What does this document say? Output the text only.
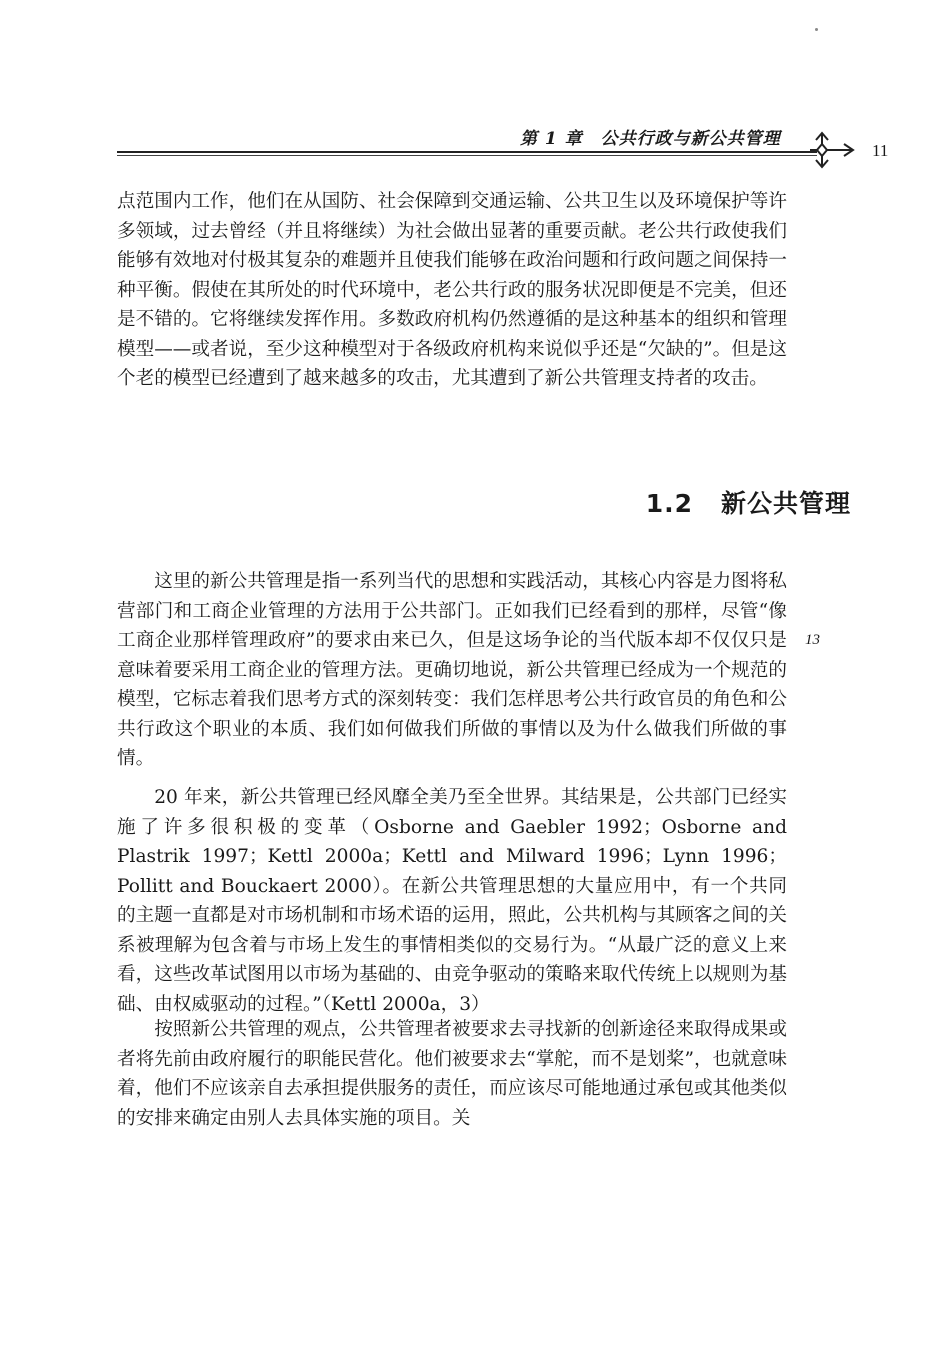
第 1 章　公共行政与新公共管理
11

点范围内工作，他们在从国防、社会保障到交通运输、公共卫生以及环境保护等许多领域，过去曾经（并且将继续）为社会做出显著的重要贡献。老公共行政使我们能够有效地对付极其复杂的难题并且使我们能够在政治问题和行政问题之间保持一种平衡。假使在其所处的时代环境中，老公共行政的服务状况即便是不完美，但还是不错的。它将继续发挥作用。多数政府机构仍然遵循的是这种基本的组织和管理模型——或者说，至少这种模型对于各级政府机构来说似乎还是“欠缺的”。但是这个老的模型已经遭到了越来越多的攻击，尤其遭到了新公共管理支持者的攻击。

1.2 新公共管理

这里的新公共管理是指一系列当代的思想和实践活动，其核心内容是力图将私营部门和工商企业管理的方法用于公共部门。正如我们已经看到的那样，尽管“像工商企业那样管理政府”的要求由来已久，但是这场争论的当代版本却不仅仅只是意味着要采用工商企业的管理方法。更确切地说，新公共管理已经成为一个规范的模型，它标志着我们思考方式的深刻转变：我们怎样思考公共行政官员的角色和公共行政这个职业的本质、我们如何做我们所做的事情以及为什么做我们所做的事情。

13

20 年来，新公共管理已经风靡全美乃至全世界。其结果是，公共部门已经实施了许多很积极的变革（Osborne and Gaebler 1992；Osborne and Plastrik 1997；Kettl 2000a；Kettl and Milward 1996；Lynn 1996；Pollitt and Bouckaert 2000）。在新公共管理思想的大量应用中，有一个共同的主题一直都是对市场机制和市场术语的运用，照此，公共机构与其顾客之间的关系被理解为包含着与市场上发生的事情相类似的交易行为。“从最广泛的意义上来看，这些改革试图用以市场为基础的、由竞争驱动的策略来取代传统上以规则为基础、由权威驱动的过程。”（Kettl 2000a，3）

按照新公共管理的观点，公共管理者被要求去寻找新的创新途径来取得成果或者将先前由政府履行的职能民营化。他们被要求去“掌舵，而不是划桨”，也就意味着，他们不应该亲自去承担提供服务的责任，而应该尽可能地通过承包或其他类似的安排来确定由别人去具体实施的项目。关
